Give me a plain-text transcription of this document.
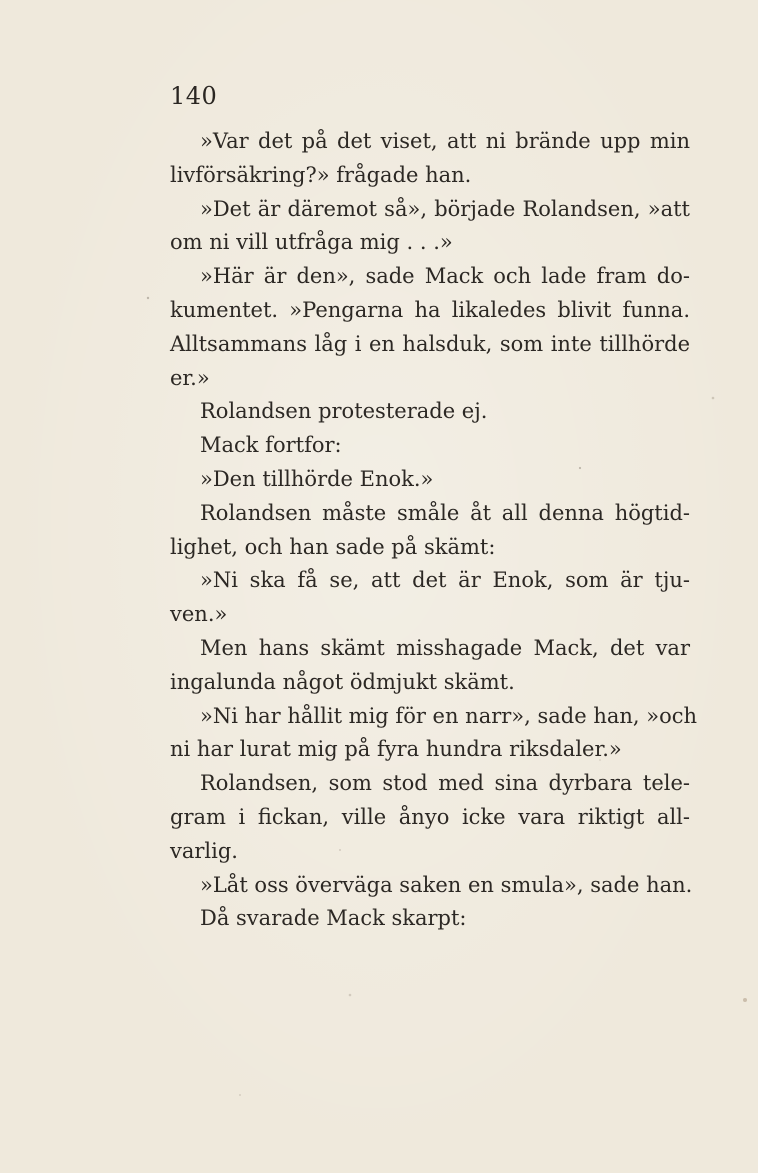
140
»Var det på det viset, att ni brände upp min
livförsäkring?» frågade han.
»Det är däremot så», började Rolandsen, »att
om ni vill utfråga mig . . .»
»Här är den», sade Mack och lade fram do-
kumentet. »Pengarna ha likaledes blivit funna.
Alltsammans låg i en halsduk, som inte tillhörde
er.»
Rolandsen protesterade ej.
Mack fortfor:
»Den tillhörde Enok.»
Rolandsen måste småle åt all denna högtid-
lighet, och han sade på skämt:
»Ni ska få se, att det är Enok, som är tju-
ven.»
Men hans skämt misshagade Mack, det var
ingalunda något ödmjukt skämt.
»Ni har hållit mig för en narr», sade han, »och
ni har lurat mig på fyra hundra riksdaler.»
Rolandsen, som stod med sina dyrbara tele-
gram i fickan, ville ånyo icke vara riktigt all-
varlig.
»Låt oss överväga saken en smula», sade han.
Då svarade Mack skarpt:
